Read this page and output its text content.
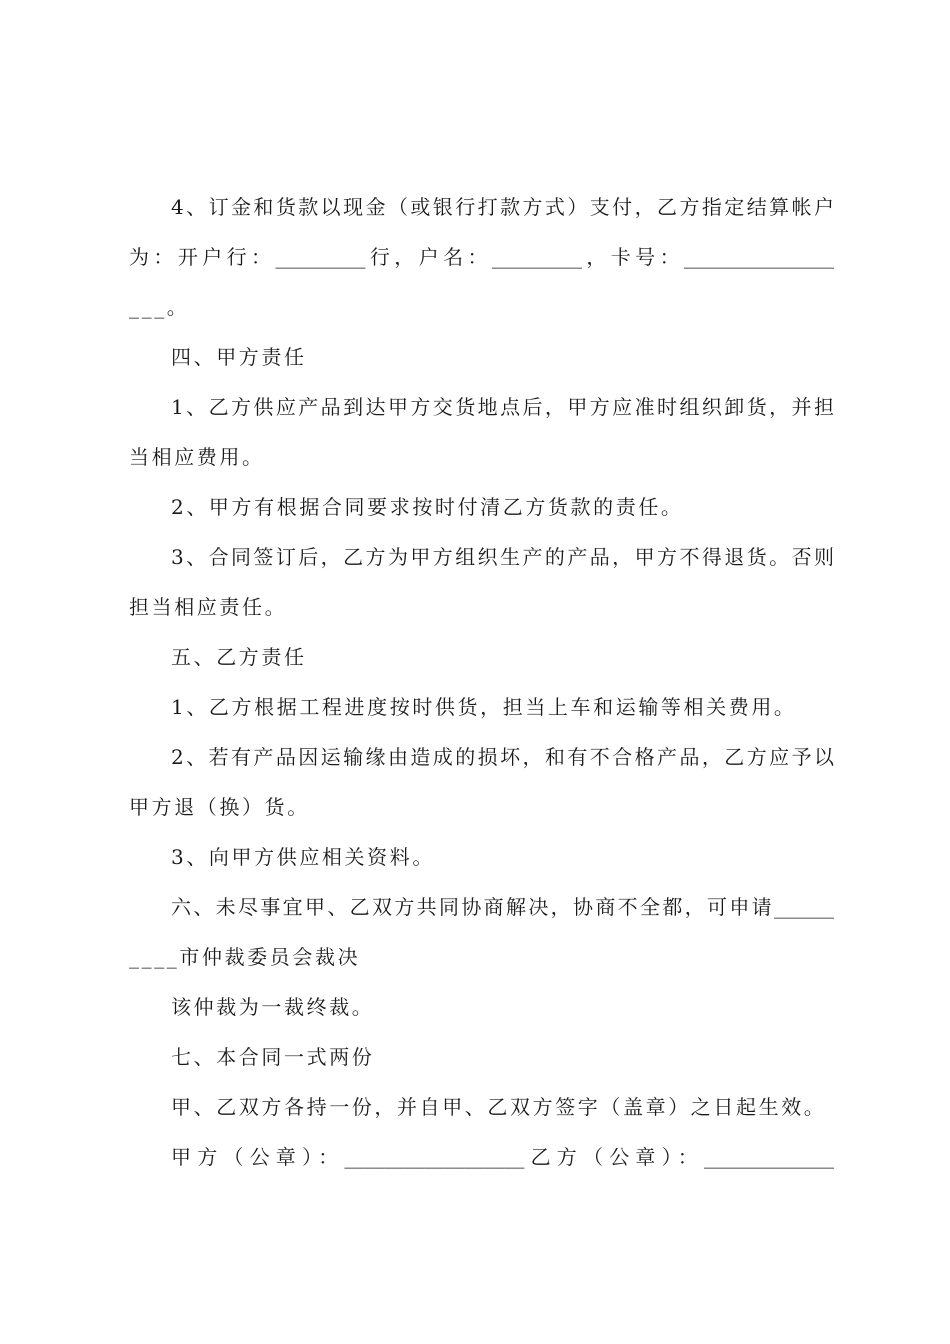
4、订金和货款以现金（或银行打款方式）支付，乙方指定结算帐户
为：开户行：_________行，户名：_________，卡号：_______________
___。
四、甲方责任
1、乙方供应产品到达甲方交货地点后，甲方应准时组织卸货，并担
当相应费用。
2、甲方有根据合同要求按时付清乙方货款的责任。
3、合同签订后，乙方为甲方组织生产的产品，甲方不得退货。否则
担当相应责任。
五、乙方责任
1、乙方根据工程进度按时供货，担当上车和运输等相关费用。
2、若有产品因运输缘由造成的损坏，和有不合格产品，乙方应予以
甲方退（换）货。
3、向甲方供应相关资料。
六、未尽事宜甲、乙双方共同协商解决，协商不全都，可申请______
____市仲裁委员会裁决
该仲裁为一裁终裁。
七、本合同一式两份
甲、乙双方各持一份，并自甲、乙双方签字（盖章）之日起生效。
甲方（公章）：__________________乙方（公章）：_____________
